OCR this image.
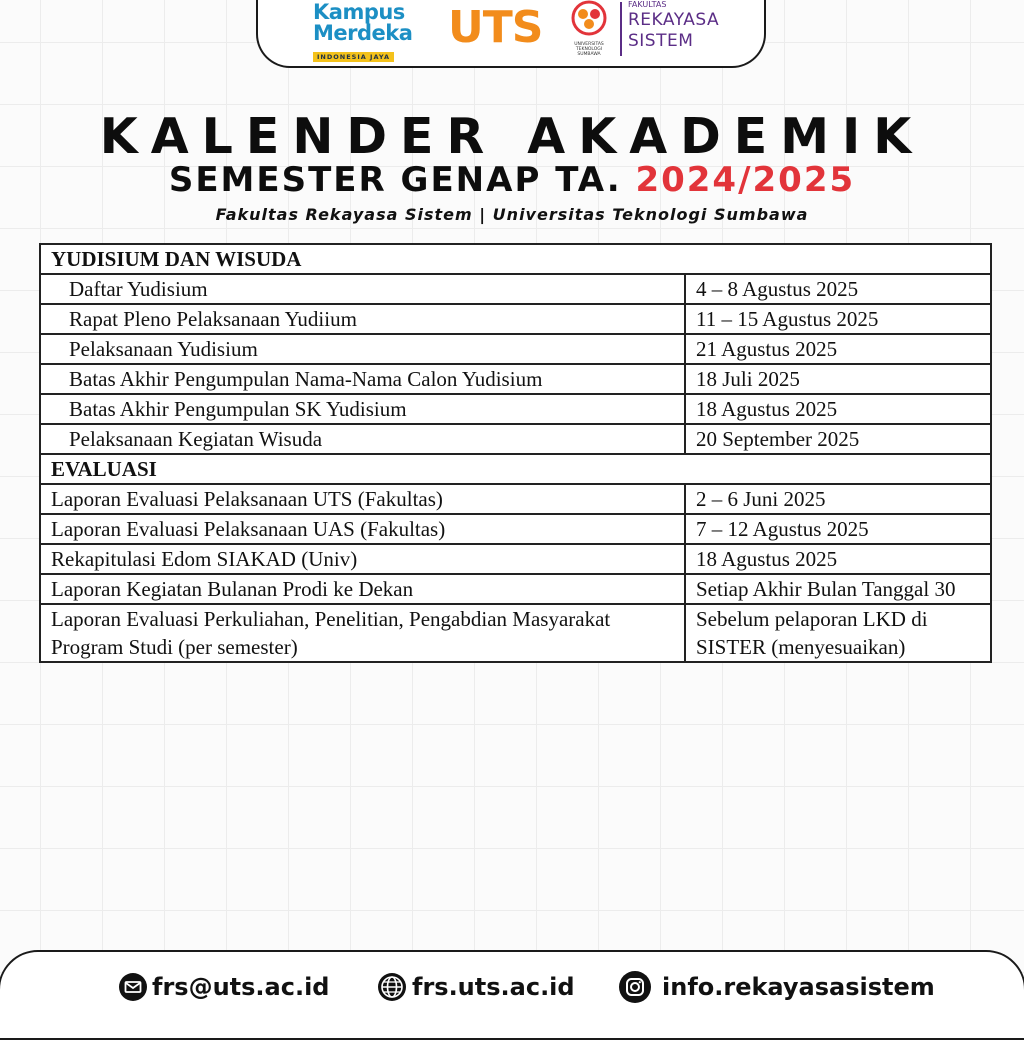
Kampus
Merdeka
INDONESIA JAYA
UTS	UNIVERSITAS TEKNOLOGI SUMBAWA
FAKULTAS
REKAYASA
SISTEM
KALENDER AKADEMIK
SEMESTER GENAP TA. 2024/2025
Fakultas Rekayasa Sistem | Universitas Teknologi Sumbawa
YUDISIUM DAN WISUDA	
Daftar Yudisium	4 – 8 Agustus 2025
Rapat Pleno Pelaksanaan Yudiium	11 – 15 Agustus 2025
Pelaksanaan Yudisium	21 Agustus 2025
Batas Akhir Pengumpulan Nama-Nama Calon Yudisium	18 Juli 2025
Batas Akhir Pengumpulan SK Yudisium	18 Agustus 2025
Pelaksanaan Kegiatan Wisuda	20 September 2025
EVALUASI	
Laporan Evaluasi Pelaksanaan UTS (Fakultas)	2 – 6 Juni 2025
Laporan Evaluasi Pelaksanaan UAS (Fakultas)	7 – 12 Agustus 2025
Rekapitulasi Edom SIAKAD (Univ)	18 Agustus 2025
Laporan Kegiatan Bulanan Prodi ke Dekan	Setiap Akhir Bulan Tanggal 30
Laporan Evaluasi Perkuliahan, Penelitian, Pengabdian Masyarakat Program Studi (per semester)	Sebelum pelaporan LKD di SISTER (menyesuaikan)
frs@uts.ac.id	frs.uts.ac.id	info.rekayasasistem
